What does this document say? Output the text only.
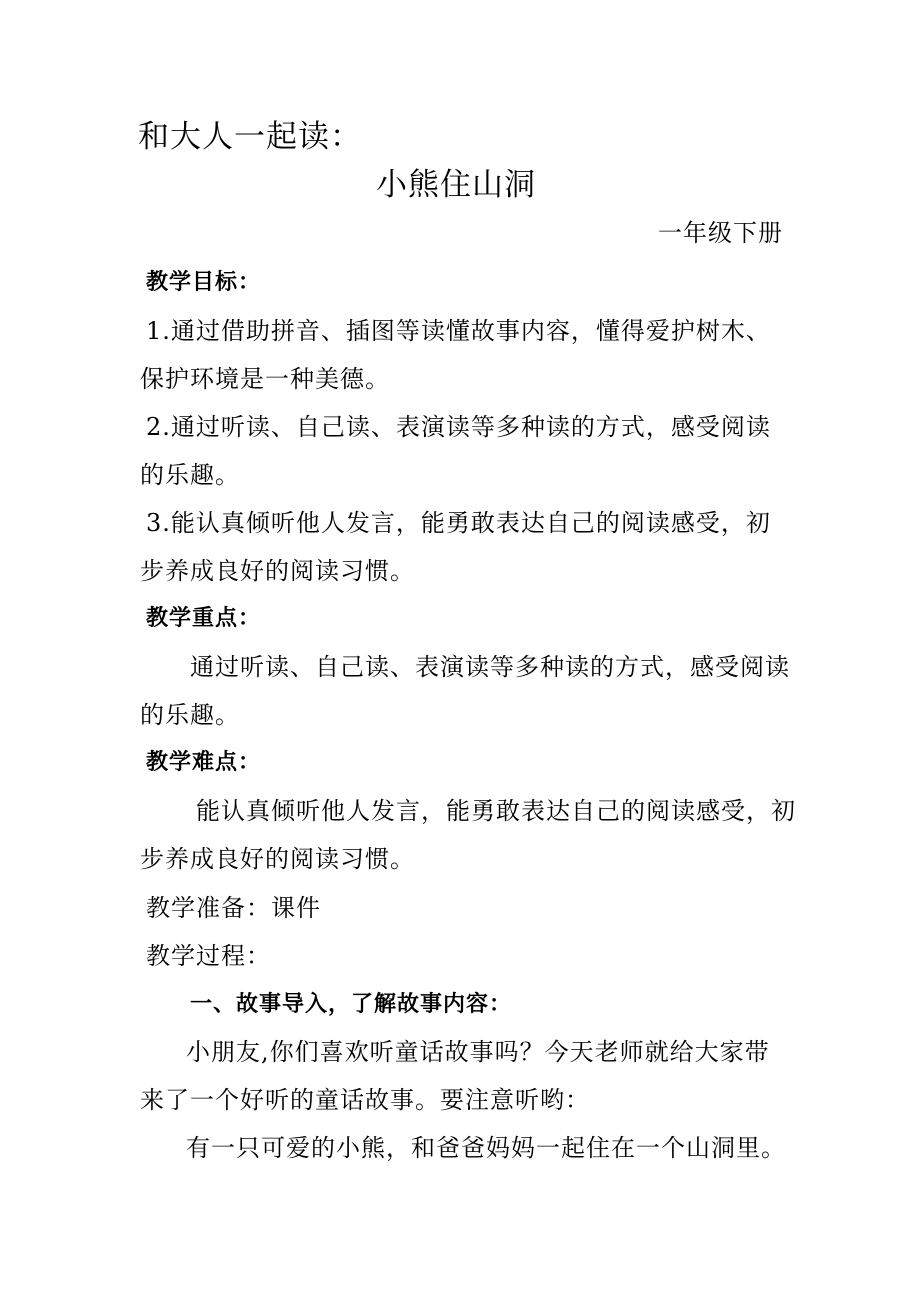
和大人一起读：
小熊住山洞
一年级下册
教学目标：
1.通过借助拼音、插图等读懂故事内容，懂得爱护树木、
保护环境是一种美德。
2.通过听读、自己读、表演读等多种读的方式，感受阅读
的乐趣。
3.能认真倾听他人发言，能勇敢表达自己的阅读感受，初
步养成良好的阅读习惯。
教学重点：
通过听读、自己读、表演读等多种读的方式，感受阅读
的乐趣。
教学难点：
能认真倾听他人发言，能勇敢表达自己的阅读感受，初
步养成良好的阅读习惯。
教学准备：课件
教学过程：
一、故事导入，了解故事内容：
小朋友,你们喜欢听童话故事吗？今天老师就给大家带
来了一个好听的童话故事。要注意听哟：
有一只可爱的小熊，和爸爸妈妈一起住在一个山洞里。
